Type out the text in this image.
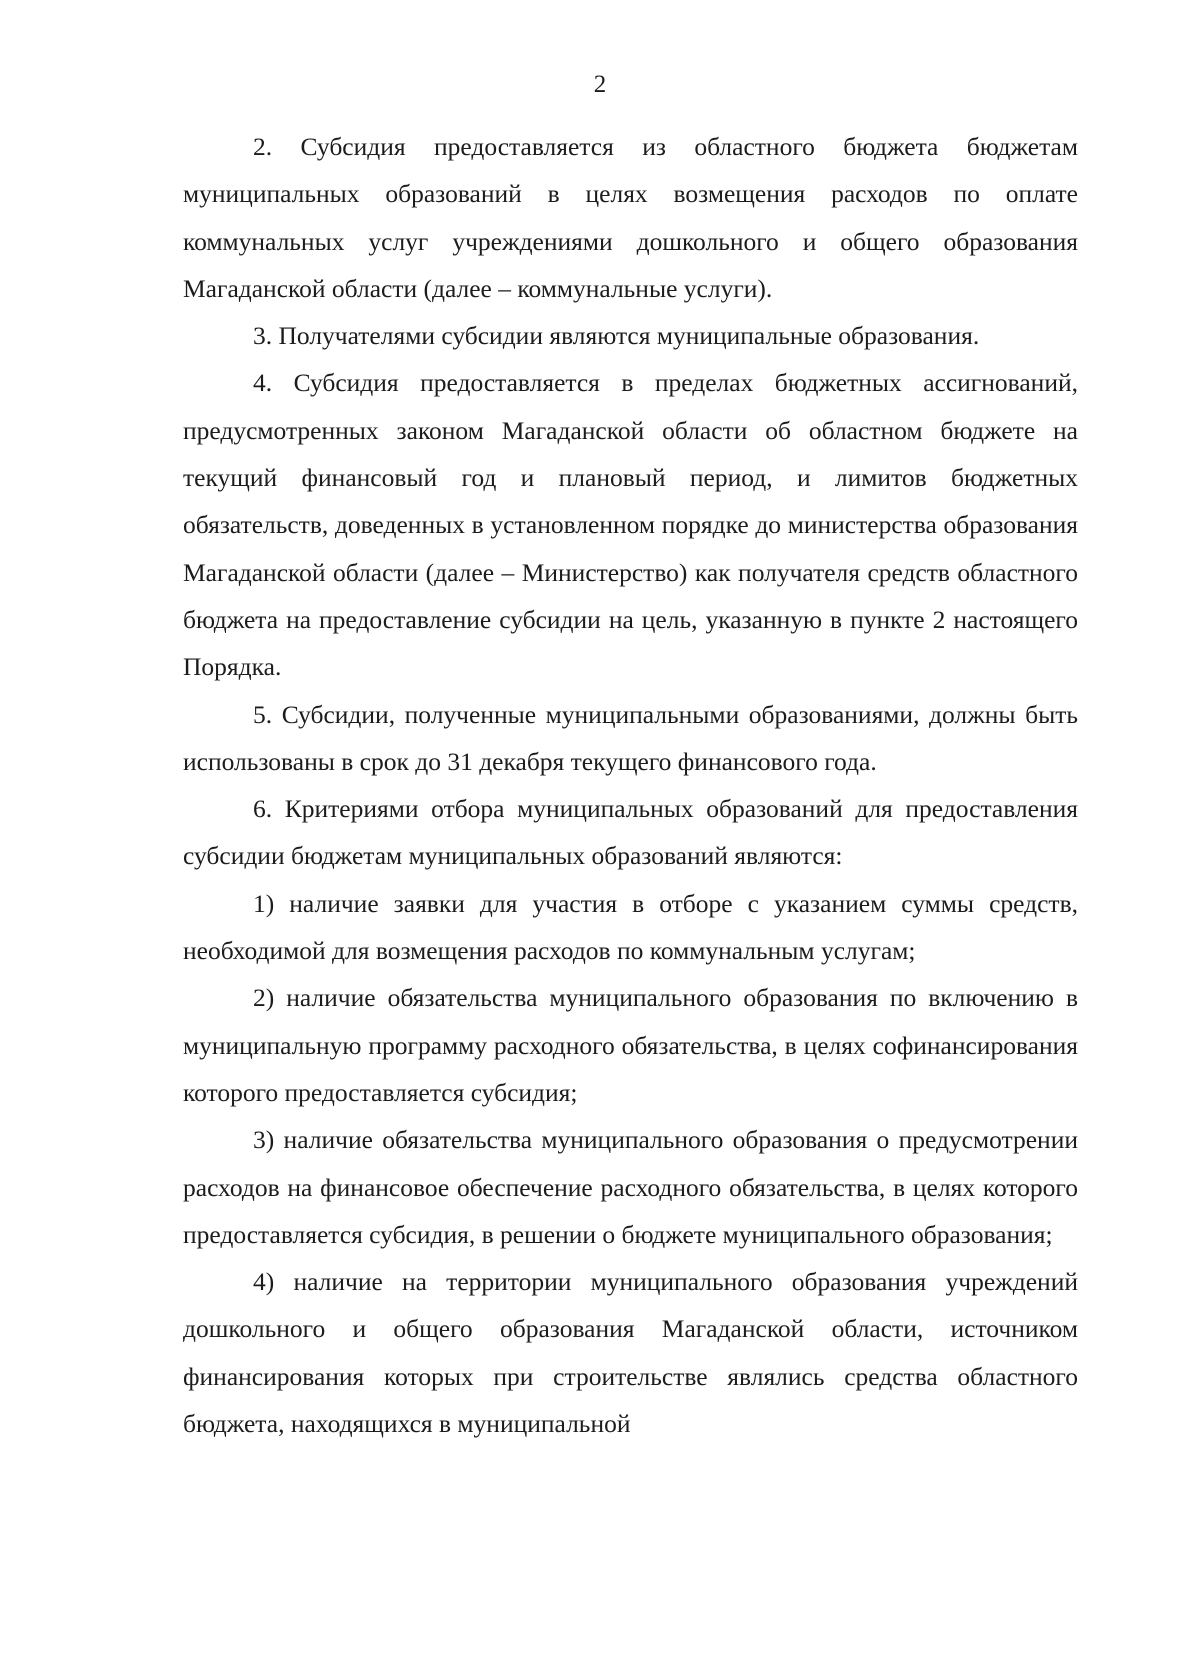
2

2. Субсидия предоставляется из областного бюджета бюджетам муниципальных образований в целях возмещения расходов по оплате коммунальных услуг учреждениями дошкольного и общего образования Магаданской области (далее – коммунальные услуги).

3. Получателями субсидии являются муниципальные образования.

4. Субсидия предоставляется в пределах бюджетных ассигнований, предусмотренных законом Магаданской области об областном бюджете на текущий финансовый год и плановый период, и лимитов бюджетных обязательств, доведенных в установленном порядке до министерства образования Магаданской области (далее – Министерство) как получателя средств областного бюджета на предоставление субсидии на цель, указанную в пункте 2 настоящего Порядка.

5. Субсидии, полученные муниципальными образованиями, должны быть использованы в срок до 31 декабря текущего финансового года.

6. Критериями отбора муниципальных образований для предоставления субсидии бюджетам муниципальных образований являются:

1) наличие заявки для участия в отборе с указанием суммы средств, необходимой для возмещения расходов по коммунальным услугам;

2) наличие обязательства муниципального образования по включению в муниципальную программу расходного обязательства, в целях софинансирования которого предоставляется субсидия;

3) наличие обязательства муниципального образования о предусмотрении расходов на финансовое обеспечение расходного обязательства, в целях которого предоставляется субсидия, в решении о бюджете муниципального образования;

4) наличие на территории муниципального образования учреждений дошкольного и общего образования Магаданской области, источником финансирования которых при строительстве являлись средства областного бюджета, находящихся в муниципальной
